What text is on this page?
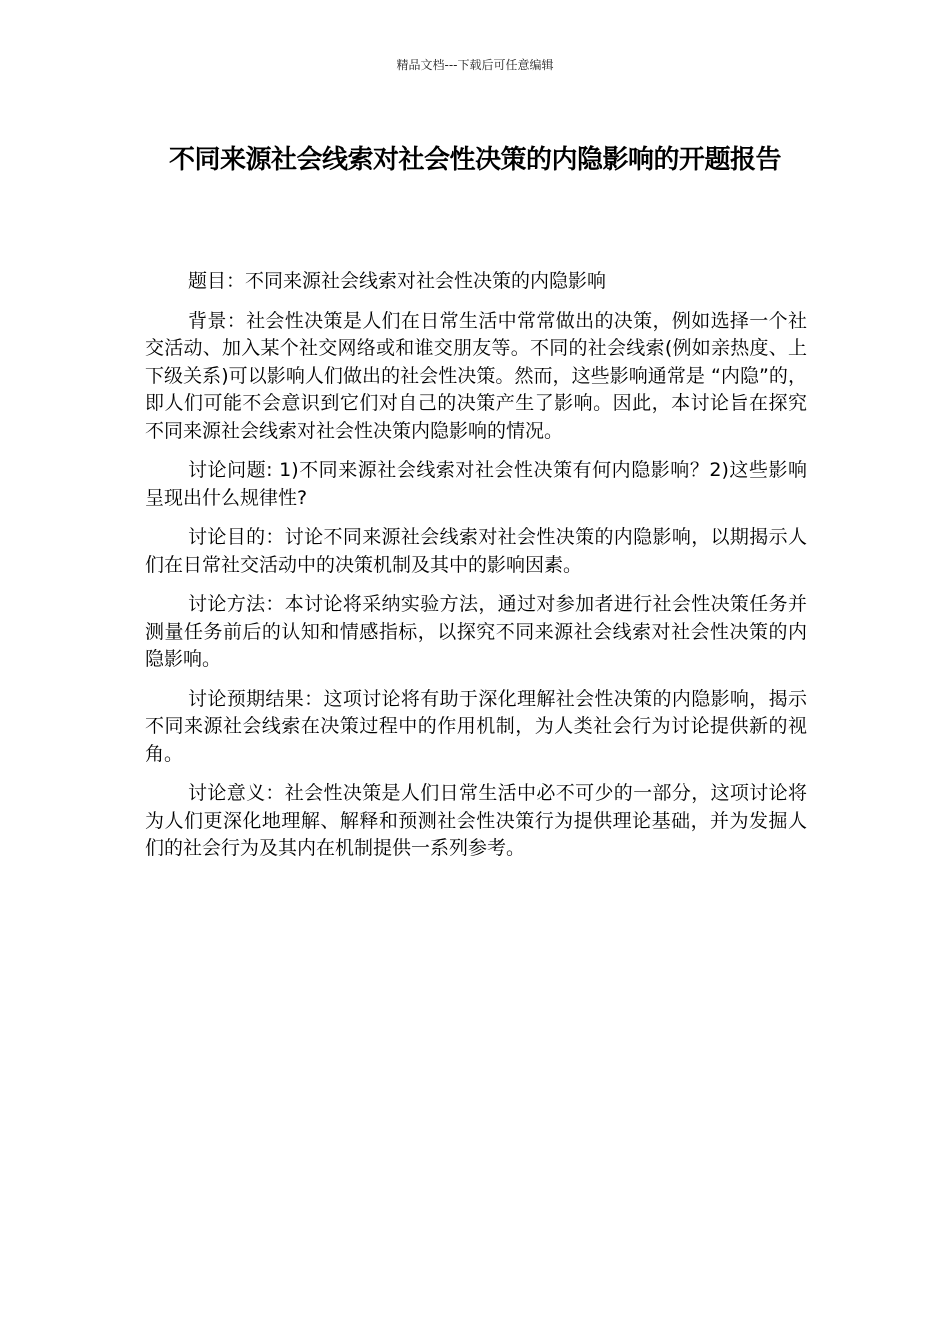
精品文档---下载后可任意编辑
不同来源社会线索对社会性决策的内隐影响的开题报告

题目：不同来源社会线索对社会性决策的内隐影响

背景：社会性决策是人们在日常生活中常常做出的决策，例如选择一个社交活动、加入某个社交网络或和谁交朋友等。不同的社会线索(例如亲热度、上下级关系)可以影响人们做出的社会性决策。然而，这些影响通常是 “内隐”的，即人们可能不会意识到它们对自己的决策产生了影响。因此，本讨论旨在探究不同来源社会线索对社会性决策内隐影响的情况。

讨论问题: 1)不同来源社会线索对社会性决策有何内隐影响？2)这些影响呈现出什么规律性?

讨论目的：讨论不同来源社会线索对社会性决策的内隐影响，以期揭示人们在日常社交活动中的决策机制及其中的影响因素。

讨论方法：本讨论将采纳实验方法，通过对参加者进行社会性决策任务并测量任务前后的认知和情感指标，以探究不同来源社会线索对社会性决策的内隐影响。

讨论预期结果：这项讨论将有助于深化理解社会性决策的内隐影响，揭示不同来源社会线索在决策过程中的作用机制，为人类社会行为讨论提供新的视角。

讨论意义：社会性决策是人们日常生活中必不可少的一部分，这项讨论将为人们更深化地理解、解释和预测社会性决策行为提供理论基础，并为发掘人们的社会行为及其内在机制提供一系列参考。
